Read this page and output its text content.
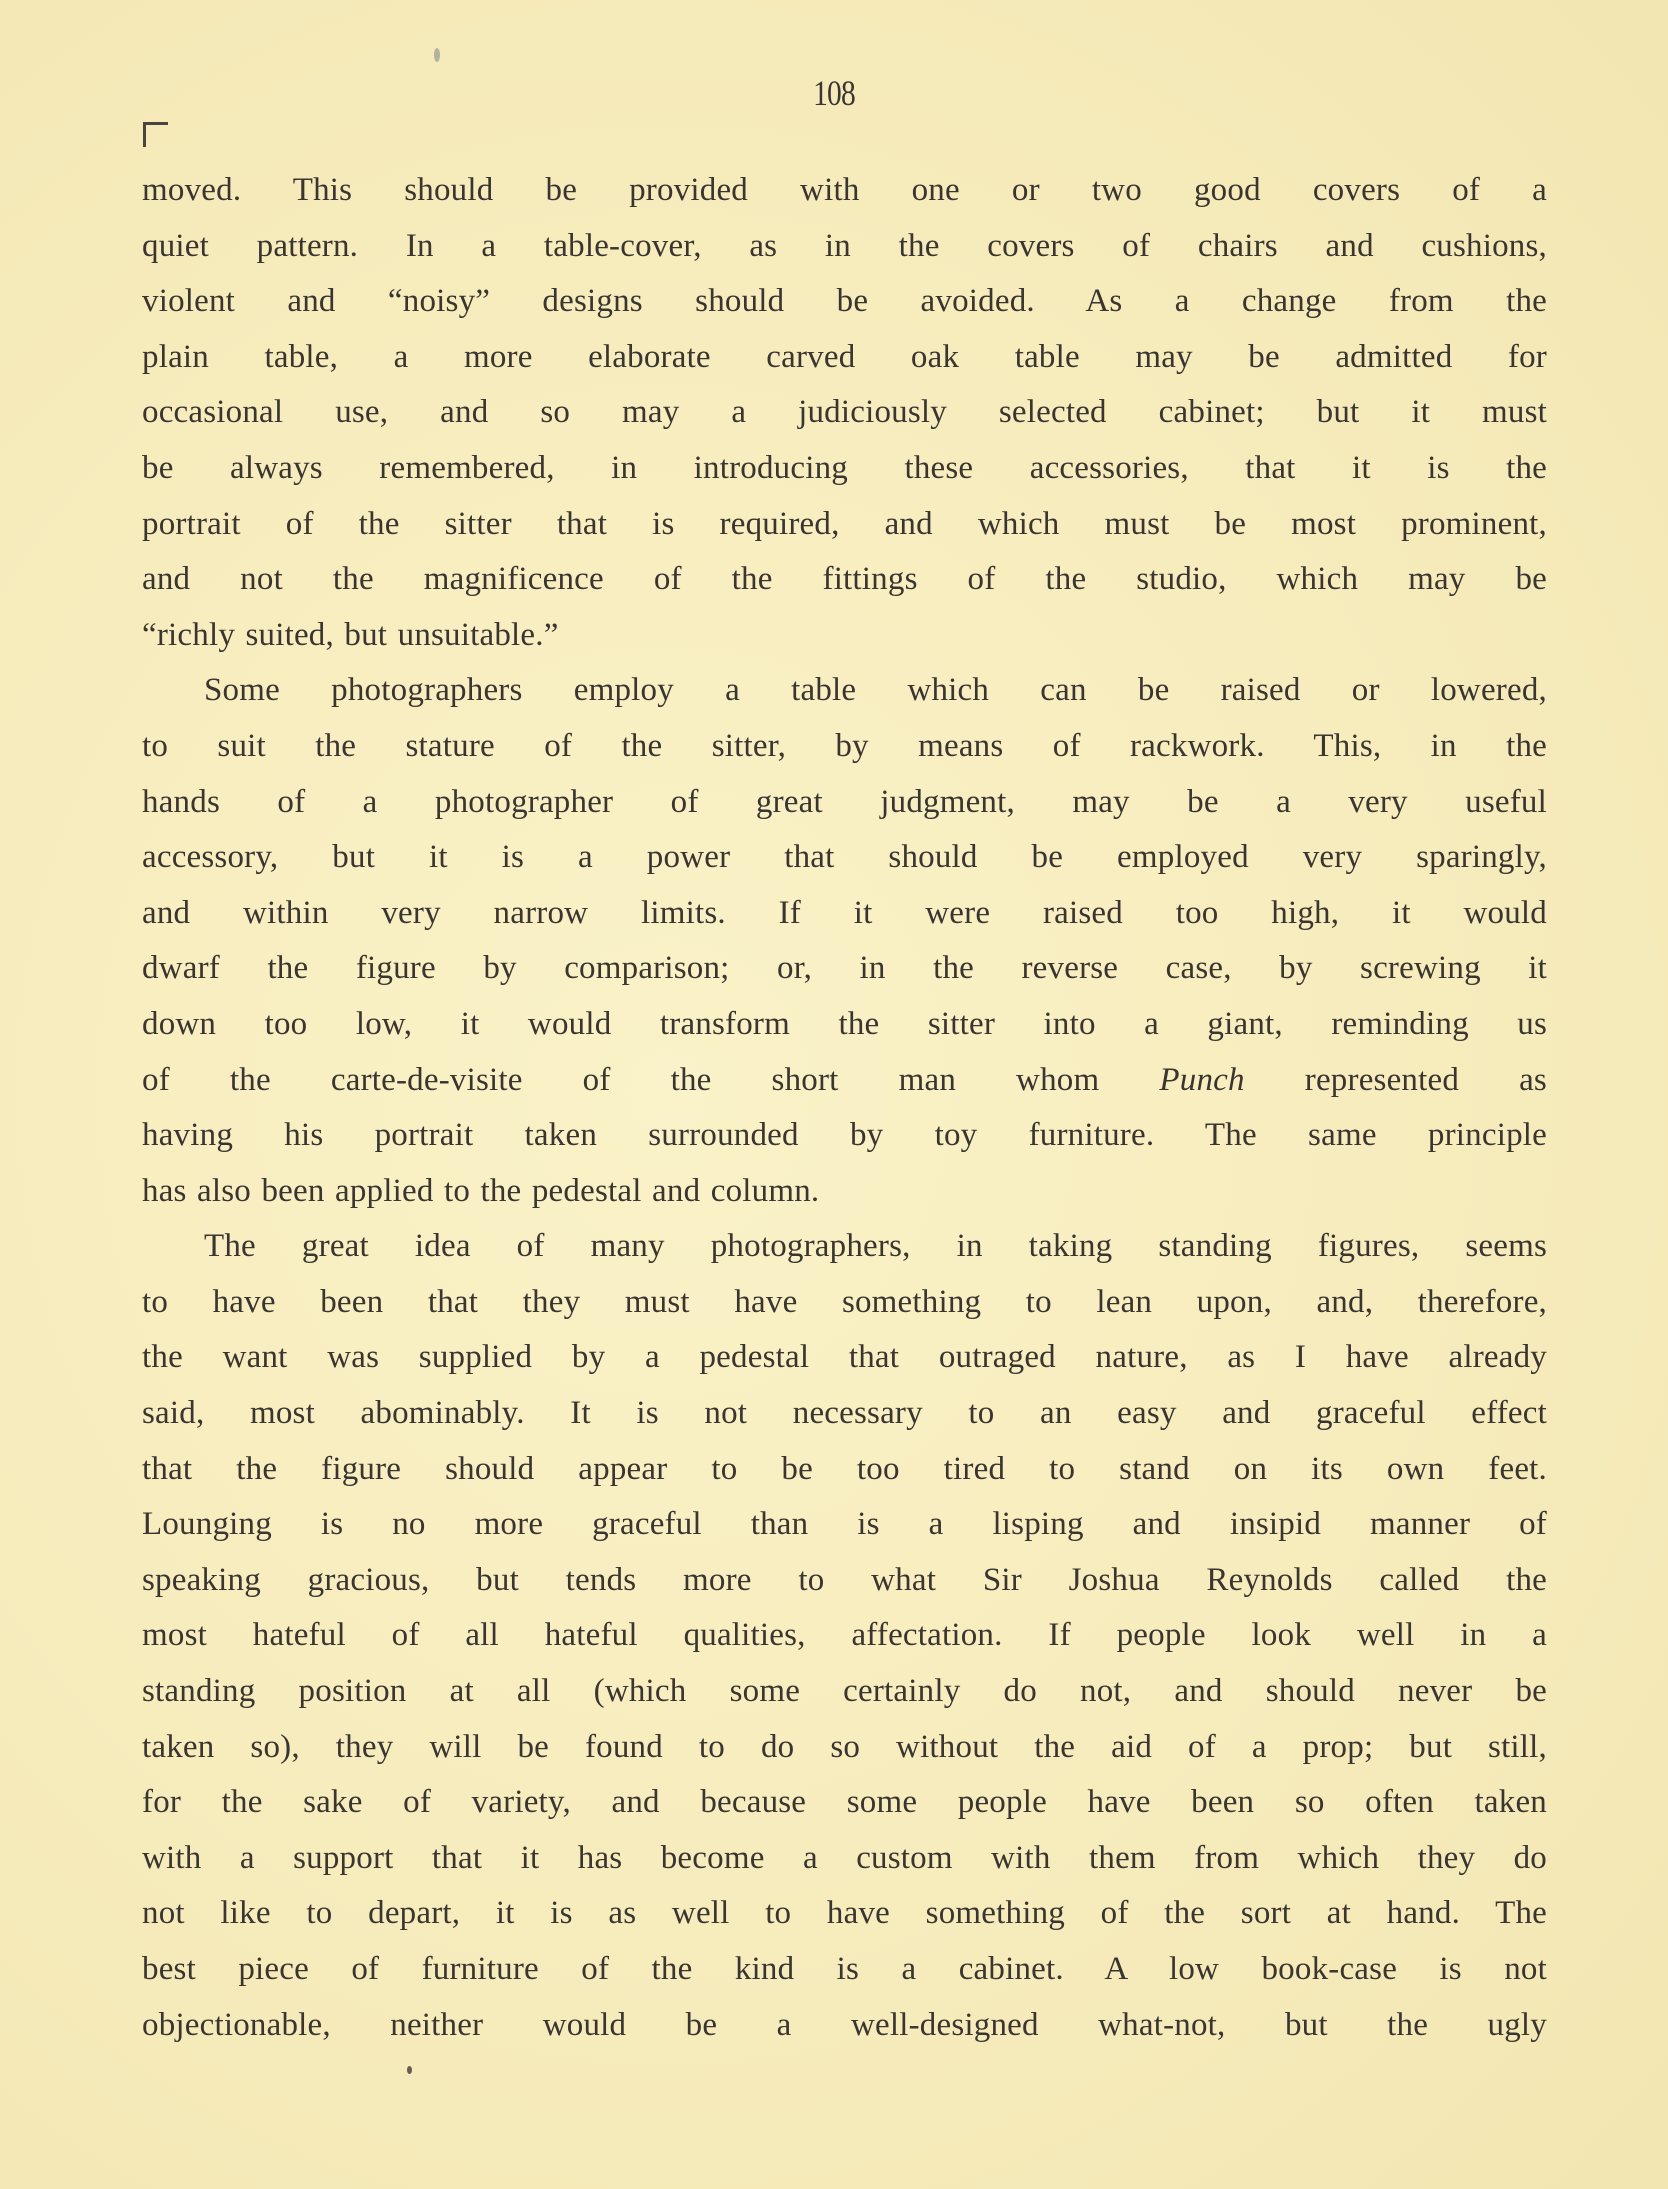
108
moved. This should be provided with one or two good covers of a
quiet pattern. In a table-cover, as in the covers of chairs and cushions,
violent and “noisy” designs should be avoided. As a change from the
plain table, a more elaborate carved oak table may be admitted for
occasional use, and so may a judiciously selected cabinet; but it must
be always remembered, in introducing these accessories, that it is the
portrait of the sitter that is required, and which must be most prominent,
and not the magnificence of the fittings of the studio, which may be
“richly suited, but unsuitable.”
Some photographers employ a table which can be raised or lowered,
to suit the stature of the sitter, by means of rackwork. This, in the
hands of a photographer of great judgment, may be a very useful
accessory, but it is a power that should be employed very sparingly,
and within very narrow limits. If it were raised too high, it would
dwarf the figure by comparison; or, in the reverse case, by screwing it
down too low, it would transform the sitter into a giant, reminding us
of the carte-de-visite of the short man whom Punch represented as
having his portrait taken surrounded by toy furniture. The same principle
has also been applied to the pedestal and column.
The great idea of many photographers, in taking standing figures, seems
to have been that they must have something to lean upon, and, therefore,
the want was supplied by a pedestal that outraged nature, as I have already
said, most abominably. It is not necessary to an easy and graceful effect
that the figure should appear to be too tired to stand on its own feet.
Lounging is no more graceful than is a lisping and insipid manner of
speaking gracious, but tends more to what Sir Joshua Reynolds called the
most hateful of all hateful qualities, affectation. If people look well in a
standing position at all (which some certainly do not, and should never be
taken so), they will be found to do so without the aid of a prop; but still,
for the sake of variety, and because some people have been so often taken
with a support that it has become a custom with them from which they do
not like to depart, it is as well to have something of the sort at hand. The
best piece of furniture of the kind is a cabinet. A low book-case is not
objectionable, neither would be a well-designed what-not, but the ugly
